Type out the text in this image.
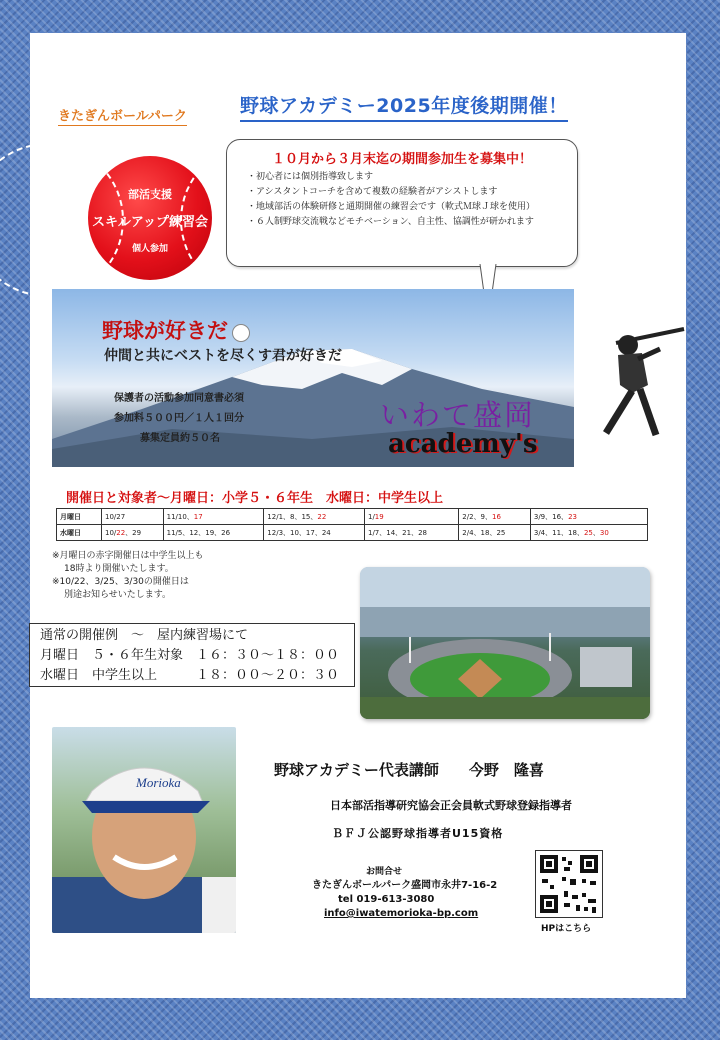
きたぎんボールパーク	野球アカデミー2025年度後期開催！
部活支援
スキルアップ練習会
個人参加
１０月から３月末迄の期間参加生を募集中！
・ 初心者には個別指導致します
・ アシスタントコーチを含めて複数の経験者がアシストします
・ 地域部活の体験研修と通期開催の練習会です（軟式Ｍ球Ｊ球を使用）
・ ６人制野球交流戦などモチベーション、自主性、協調性が研かれます
野球が好きだ
仲間と共にベストを尽くす君が好きだ
保護者の活動参加同意書必須
参加料５００円／１人１回分
募集定員約５０名
いわて盛岡
academy's
開催日と対象者～月曜日：小学５・６年生　水曜日：中学生以上
月曜日	10/27	11/10、17	12/1、8、15、22	1/19	2/2、9、16	3/9、16、23
水曜日	10/22、29	11/5、12、19、26	12/3、10、17、24	1/7、14、21、28	2/4、18、25	3/4、11、18、25、30
※月曜日の赤字開催日は中学生以上も
18時より開催いたします。
※10/22、3/25、3/30の開催日は
別途お知らせいたします。
通常の開催例　～　屋内練習場にて
月曜日　５・６年生対象　１６：３０～１８：００
水曜日　中学生以上　　　１８：００～２０：３０
Morioka
野球アカデミー代表講師　　今野　隆喜
日本部活指導研究協会正会員軟式野球登録指導者
ＢＦＪ公認野球指導者U15資格
お問合せ
きたぎんボールパーク盛岡市永井7-16-2
tel 019-613-3080
info@iwatemorioka-bp.com
HPはこちら
